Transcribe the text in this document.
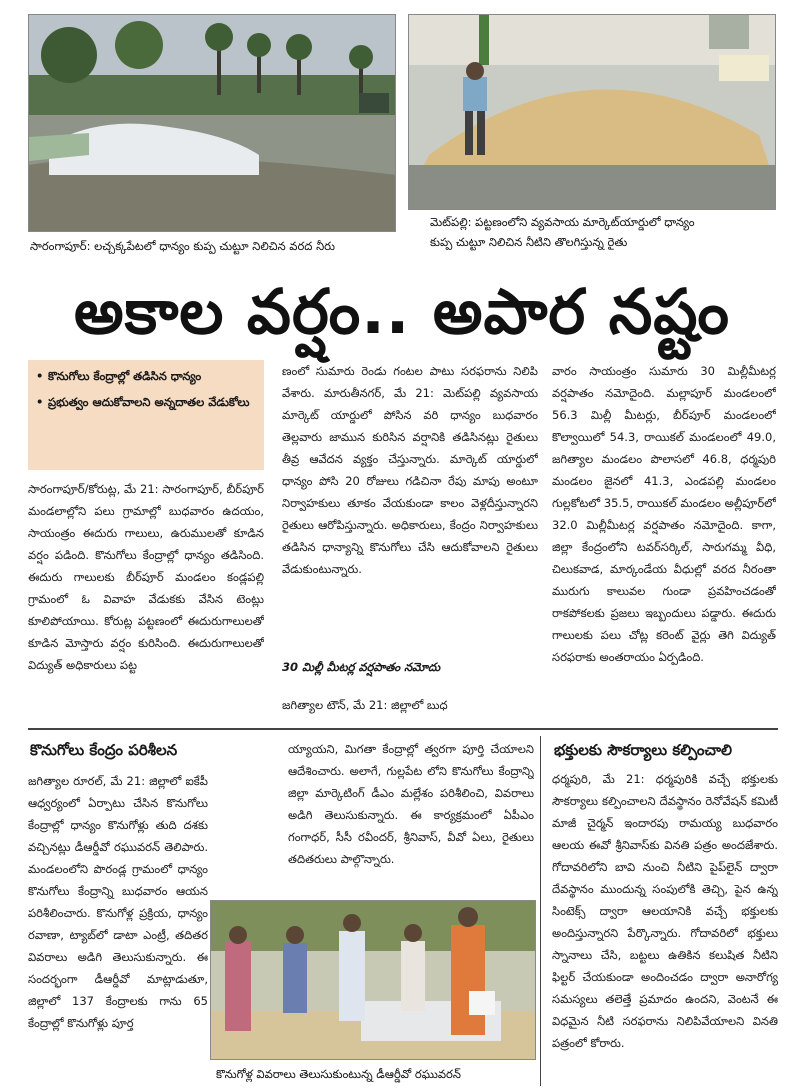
సారంగాపూర్: లచ్చక్కపేటలో ధాన్యం కుప్ప చుట్టూ నిలిచిన వరద నీరు
మెట్‌పల్లి: పట్టణంలోని వ్యవసాయ మార్కెట్‌యార్డులో ధాన్యం
కుప్ప చుట్టూ నిలిచిన నీటిని తొలగిస్తున్న రైతు
అకాల వర్షం.. అపార నష్టం
• కొనుగోలు కేంద్రాల్లో తడిసిన ధాన్యం
• ప్రభుత్వం ఆదుకోవాలని అన్నదాతల వేడుకోలు

సారంగాపూర్/కోరుట్ల, మే 21: సారంగాపూర్, బీర్‌పూర్ మండలాల్లోని పలు గ్రామాల్లో బుధవారం ఉదయం, సాయంత్రం ఈదురు గాలులు, ఉరుములతో కూడిన వర్షం పడింది. కొనుగోలు కేంద్రాల్లో ధాన్యం తడిసింది. ఈదురు గాలులకు బీర్‌పూర్ మండలం కండ్లపల్లి గ్రామంలో ఓ వివాహ వేడుకకు వేసిన టెంట్లు కూలిపోయాయి. కోరుట్ల పట్టణంలో ఈదురుగాలులతో కూడిన మోస్తారు వర్షం కురిసింది. ఈదురుగాలులతో విద్యుత్ అధికారులు పట్ట

ణంలో సుమారు రెండు గంటల పాటు సరఫరాను నిలిపి వేశారు. మారుతీనగర్, మే 21: మెట్‌పల్లి వ్యవసాయ మార్కెట్ యార్డులో పోసిన వరి ధాన్యం బుధవారం తెల్లవారు జామున కురిసిన వర్షానికి తడిసినట్లు రైతులు తీవ్ర ఆవేదన వ్యక్తం చేస్తున్నారు. మార్కెట్ యార్డులో ధాన్యం పోసి 20 రోజులు గడిచినా రేపు మాపు అంటూ నిర్వాహకులు తూకం వేయకుండా కాలం వెళ్లదీస్తున్నారని రైతులు ఆరోపిస్తున్నారు. అధికారులు, కేంద్రం నిర్వాహకులు తడిసిన ధాన్యాన్ని కొనుగోలు చేసి ఆదుకోవాలని రైతులు వేడుకుంటున్నారు.

30 మిల్లీ మీటర్ల వర్షపాతం నమోదు

జగిత్యాల టౌన్, మే 21: జిల్లాలో బుధ

వారం సాయంత్రం సుమారు 30 మిల్లీమీటర్ల వర్షపాతం నమోదైంది. మల్లాపూర్ మండలంలో 56.3 మిల్లీ మీటర్లు, బీర్‌పూర్ మండలంలో కొల్వాయిలో 54.3, రాయికల్ మండలంలో 49.0, జగిత్యాల మండలం పొలాసలో 46.8, ధర్మపురి మండలం జైనలో 41.3, ఎండపల్లి మండలం గుల్లకోటలో 35.5, రాయికల్ మండలం అల్లీపూర్‌లో 32.0 మిల్లీమీటర్ల వర్షపాతం నమోదైంది. కాగా, జిల్లా కేంద్రంలోని టవర్‌సర్కిల్, సారుగమ్మ వీధి, చిలుకవాడ, మార్కండేయ వీధుల్లో వరద నీరంతా మురుగు కాలువల గుండా ప్రవహించడంతో రాకపోకలకు ప్రజలు ఇబ్బందులు పడ్డారు. ఈదురు గాలులకు పలు చోట్ల కరెంట్ వైర్లు తెగి విద్యుత్ సరఫరాకు అంతరాయం ఏర్పడింది.

కొనుగోలు కేంద్రం పరిశీలన

జగిత్యాల రూరల్, మే 21: జిల్లాలో ఐకేపీ ఆధ్వర్యంలో ఏర్పాటు చేసిన కొనుగోలు కేంద్రాల్లో ధాన్యం కొనుగోళ్లు తుది దశకు వచ్చినట్లు డీఆర్డీవో రఘువరన్ తెలిపారు. మండలంలోని పొరండ్ల గ్రామంలో ధాన్యం కొనుగోలు కేంద్రాన్ని బుధవారం ఆయన పరిశీలించారు. కొనుగోళ్ల ప్రక్రియ, ధాన్యం రవాణా, ట్యాబ్‌లో డాటా ఎంట్రీ, తదితర వివరాలు అడిగి తెలుసుకున్నారు. ఈ సందర్భంగా డీఆర్డీవో మాట్లాడుతూ, జిల్లాలో 137 కేంద్రాలకు గాను 65 కేంద్రాల్లో కొనుగోళ్లు పూర్త

య్యాయని, మిగతా కేంద్రాల్లో త్వరగా పూర్తి చేయాలని ఆదేశించారు. అలాగే, గుల్లపేట లోని కొనుగోలు కేంద్రాన్ని జిల్లా మార్కెటింగ్ డీఎం మల్లేశం పరిశీలించి, వివరాలు అడిగి తెలుసుకున్నారు. ఈ కార్యక్రమంలో ఏపీఎం గంగాధర్, సీసీ రవీందర్, శ్రీనివాస్, వీవో ఏలు, రైతులు తదితరులు పాల్గొన్నారు.

కొనుగోళ్ల వివరాలు తెలుసుకుంటున్న డీఆర్డీవో రఘువరన్
భక్తులకు సౌకర్యాలు కల్పించాలి

ధర్మపురి, మే 21: ధర్మపురికి వచ్చే భక్తులకు సౌకర్యాలు కల్పించాలని దేవస్థానం రెనోవేషన్ కమిటీ మాజీ చైర్మన్ ఇందారపు రామయ్య బుధవారం ఆలయ ఈవో శ్రీనివాస్‌కు వినతి పత్రం అందజేశారు. గోదావరిలోని బావి నుంచి నీటిని పైప్‌లైన్ ద్వారా దేవస్థానం ముందున్న సంపులోకి తెచ్చి, పైన ఉన్న సింటెక్స్ ద్వారా ఆలయానికి వచ్చే భక్తులకు అందిస్తున్నారని పేర్కొన్నారు. గోదావరిలో భక్తులు స్నానాలు చేసి, బట్టలు ఉతికిన కలుషిత నీటిని ఫిల్టర్ చేయకుండా అందించడం ద్వారా అనారోగ్య సమస్యలు తలెత్తే ప్రమాదం ఉందని, వెంటనే ఈ విధమైన నీటి సరఫరాను నిలిపివేయాలని వినతి పత్రంలో కోరారు.
